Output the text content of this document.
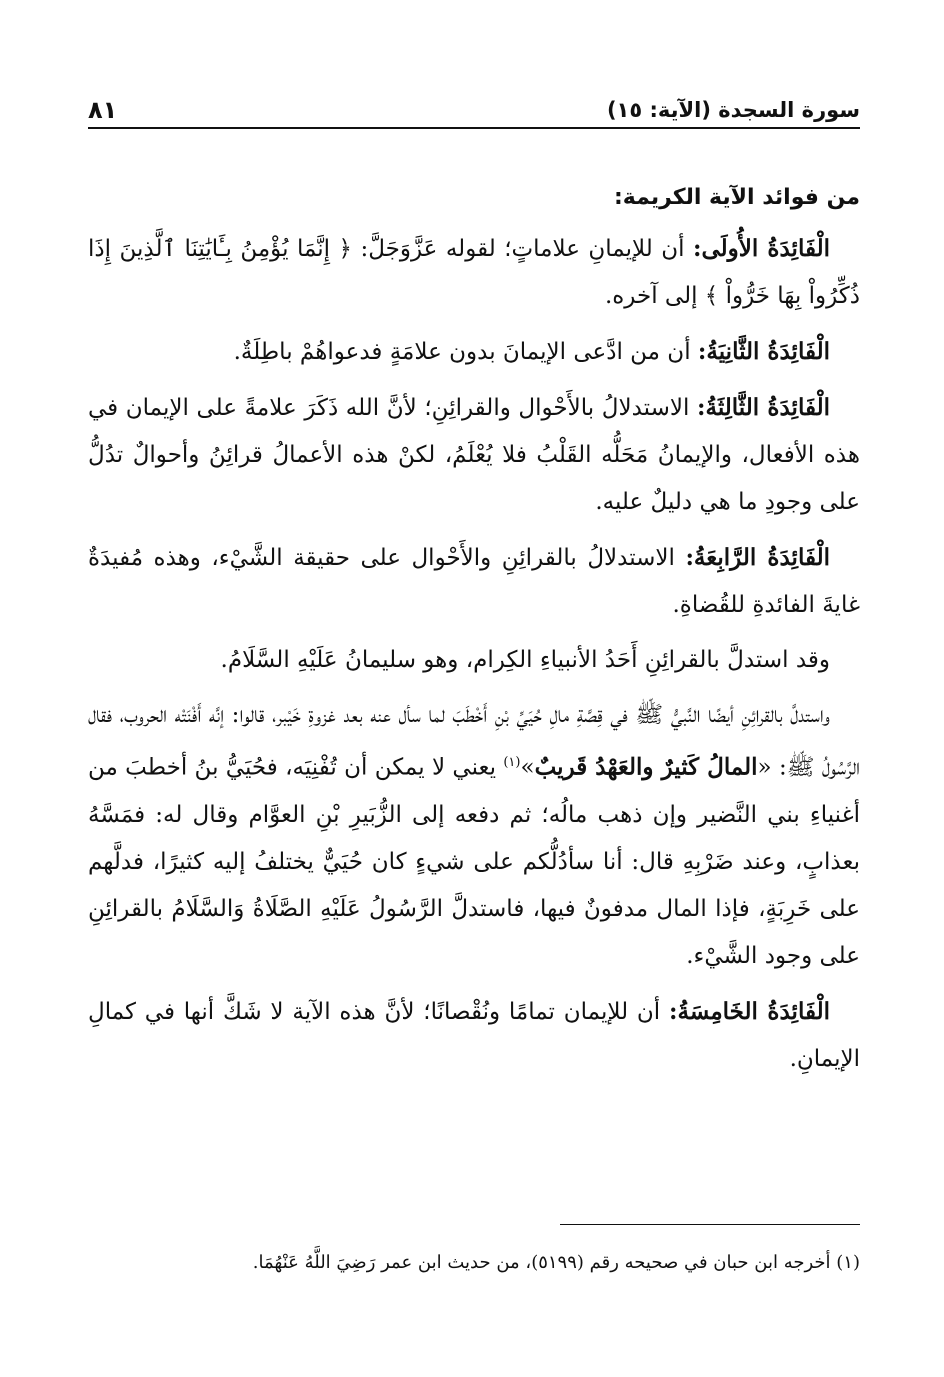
سورة السجدة (الآية: ١٥)
٨١

من فوائد الآية الكريمة:

الْفَائِدَةُ الأُولَى: أن للإيمانِ علاماتٍ؛ لقوله عَزَّوَجَلَّ: ﴿ إِنَّمَا يُؤْمِنُ بِـَٔايَٰتِنَا ٱلَّذِينَ إِذَا ذُكِّرُواْ بِهَا خَرُّواْ ﴾ إلى آخره.

الْفَائِدَةُ الثَّانِيَةُ: أن من ادَّعى الإيمانَ بدون علامَةٍ فدعواهُمْ باطِلَةٌ.

الْفَائِدَةُ الثَّالِثَةُ: الاستدلالُ بالأَحْوال والقرائِنِ؛ لأنَّ الله ذَكَرَ علامةً على الإيمان في هذه الأفعال، والإيمانُ مَحَلُّه القَلْبُ فلا يُعْلَمُ، لكنْ هذه الأعمالُ قرائِنُ وأحوالٌ تدُلُّ على وجودِ ما هي دليلٌ عليه.

الْفَائِدَةُ الرَّابِعَةُ: الاستدلالُ بالقرائِنِ والأَحْوال على حقيقة الشَّيْء، وهذه مُفيدَةٌ غايةَ الفائدةِ للقُضاةِ.

وقد استدلَّ بالقرائِنِ أَحَدُ الأنبياءِ الكِرام، وهو سليمانُ عَلَيْهِ السَّلَامُ.

واستدلَّ بالقرائِنِ أيضًا النَّبيُّ ﷺ في قِصَّةِ مالِ حُيَيِّ بْنِ أَخْطَبَ لما سأل عنه بعد غزوةِ خَيْبر، قالوا: إنَّه أَفْنَتْه الحروب، فقال الرَّسُولُ ﷺ: «المالُ كَثيرٌ والعَهْدُ قَريبٌ»$^{(١)}$ يعني لا يمكن أن تُفْنِيَه، فحُيَيُّ بنُ أخطبَ من أغنياءِ بني النَّضير وإن ذهب مالُه؛ ثم دفعه إلى الزُّبَيرِ بْنِ العوَّام وقال له: فمَسَّهُ بعذابٍ، وعند ضَرْبِهِ قال: أنا سأدُلُّكم على شيءٍ كان حُيَيٌّ يختلفُ إليه كثيرًا، فدلَّهم على خَرِبَةٍ، فإذا المال مدفونٌ فيها، فاستدلَّ الرَّسُولُ عَلَيْهِ الصَّلَاةُ وَالسَّلَامُ بالقرائِنِ على وجود الشَّيْء.

الْفَائِدَةُ الخَامِسَةُ: أن للإيمان تمامًا ونُقْصانًا؛ لأنَّ هذه الآية لا شَكَّ أنها في كمالِ الإيمانِ.

(١) أخرجه ابن حبان في صحيحه رقم (٥١٩٩)، من حديث ابن عمر رَضِيَ اللَّهُ عَنْهُمَا.
